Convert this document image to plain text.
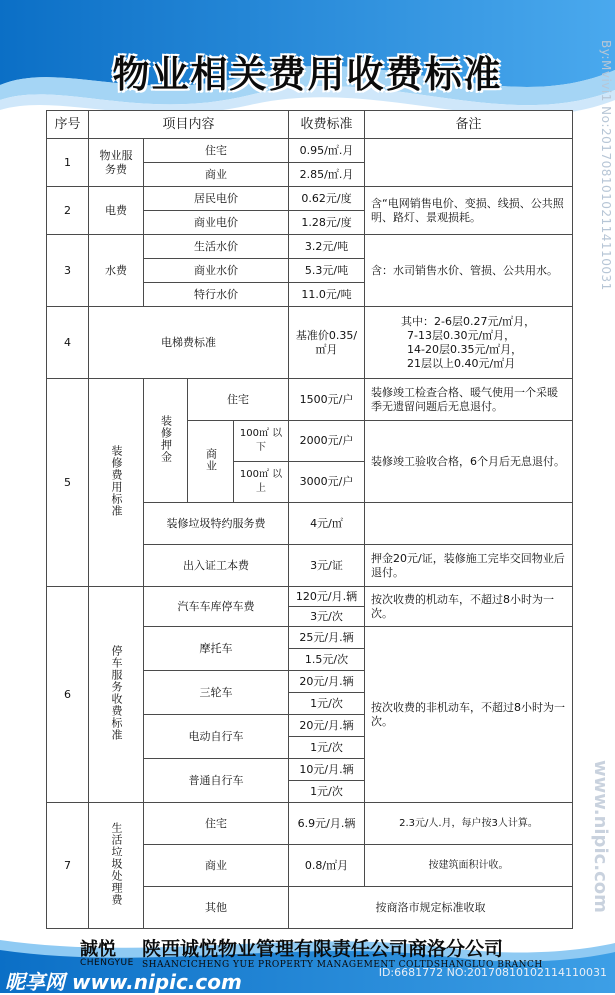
物业相关费用收费标准
序号	项目内容				收费标准	备注
1	物业服务费	住宅			0.95/㎡.月	
		商业			2.85/㎡.月	
2	电费	居民电价			0.62元/度	含“电网销售电价、变损、线损、公共照明、路灯、景观损耗。
		商业电价			1.28元/度	
3	水费	生活水价			3.2元/吨	含：水司销售水价、管损、公共用水。
		商业水价			5.3元/吨	
		特行水价			11.0元/吨	
4	电梯费标准				基准价0.35/㎡月	其中：2-6层0.27元/㎡月，
7-13层0.30元/㎡月，
14-20层0.35元/㎡月，
21层以上0.40元/㎡月

5	装修费用标准	装修押金	住宅		1500元/户	装修竣工检查合格、暖气使用一个采暖季无遗留问题后无息退付。
			商业	100㎡ 以下	2000元/户	装修竣工验收合格，6个月后无息退付。
				100㎡ 以上	3000元/户	
		装修垃圾特约服务费			4元/㎡	
		出入证工本费			3元/证	押金20元/证，装修施工完毕交回物业后退付。
6	停车服务收费标准	汽车车库停车费			120元/月.辆	按次收费的机动车，不超过8小时为一次。
					3元/次	
		摩托车			25元/月.辆	按次收费的非机动车，不超过8小时为一次。
					1.5元/次	
		三轮车			20元/月.辆	
					1元/次	
		电动自行车			20元/月.辆	
					1元/次	
		普通自行车			10元/月.辆	
					1元/次	
7	生活垃圾处理费	住宅			6.9元/月.辆	2.3元/人.月，每户按3人计算。
		商业			0.8/㎡月	按建筑面积计收。
		其他			按商洛市规定标准收取	
By:Mvivi1 No:20170810102114110031
www.nipic.com
誠悦
CHENGYUE
陕西诚悦物业管理有限责任公司商洛分公司
SHAANCICHENG YUE PROPERTY MANAGEMENT COLTDSHANGLUO BRANCH
昵享网 www.nipic.com	ID:6681772 NO:20170810102114110031
